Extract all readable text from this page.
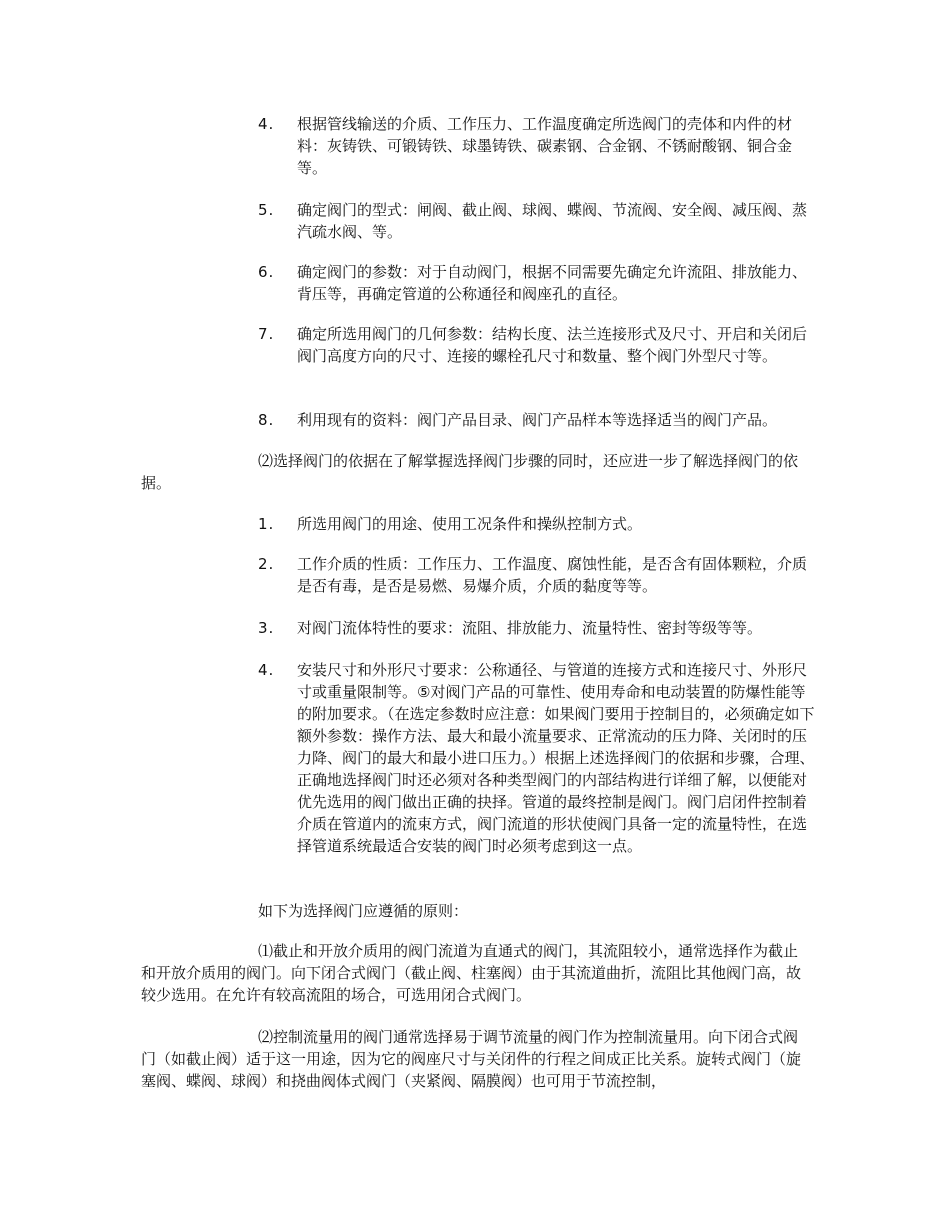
4.	根据管线输送的介质、工作压力、工作温度确定所选阀门的壳体和内件的材料：灰铸铁、可锻铸铁、球墨铸铁、碳素钢、合金钢、不锈耐酸钢、铜合金等。
5.	确定阀门的型式：闸阀、截止阀、球阀、蝶阀、节流阀、安全阀、减压阀、蒸汽疏水阀、等。
6.	确定阀门的参数：对于自动阀门，根据不同需要先确定允许流阻、排放能力、背压等，再确定管道的公称通径和阀座孔的直径。
7.	确定所选用阀门的几何参数：结构长度、法兰连接形式及尺寸、开启和关闭后阀门高度方向的尺寸、连接的螺栓孔尺寸和数量、整个阀门外型尺寸等。
8.	利用现有的资料：阀门产品目录、阀门产品样本等选择适当的阀门产品。
⑵选择阀门的依据在了解掌握选择阀门步骤的同时，还应进一步了解选择阀门的依据。
1.	所选用阀门的用途、使用工况条件和操纵控制方式。
2.	工作介质的性质：工作压力、工作温度、腐蚀性能，是否含有固体颗粒，介质是否有毒，是否是易燃、易爆介质，介质的黏度等等。
3.	对阀门流体特性的要求：流阻、排放能力、流量特性、密封等级等等。
4.	安装尺寸和外形尺寸要求：公称通径、与管道的连接方式和连接尺寸、外形尺寸或重量限制等。⑤对阀门产品的可靠性、使用寿命和电动装置的防爆性能等的附加要求。（在选定参数时应注意：如果阀门要用于控制目的，必须确定如下额外参数：操作方法、最大和最小流量要求、正常流动的压力降、关闭时的压力降、阀门的最大和最小进口压力。）根据上述选择阀门的依据和步骤，合理、正确地选择阀门时还必须对各种类型阀门的内部结构进行详细了解，以便能对优先选用的阀门做出正确的抉择。管道的最终控制是阀门。阀门启闭件控制着介质在管道内的流束方式，阀门流道的形状使阀门具备一定的流量特性，在选择管道系统最适合安装的阀门时必须考虑到这一点。
如下为选择阀门应遵循的原则：
⑴截止和开放介质用的阀门流道为直通式的阀门，其流阻较小，通常选择作为截止和开放介质用的阀门。向下闭合式阀门（截止阀、柱塞阀）由于其流道曲折，流阻比其他阀门高，故较少选用。在允许有较高流阻的场合，可选用闭合式阀门。
⑵控制流量用的阀门通常选择易于调节流量的阀门作为控制流量用。向下闭合式阀门（如截止阀）适于这一用途，因为它的阀座尺寸与关闭件的行程之间成正比关系。旋转式阀门（旋塞阀、蝶阀、球阀）和挠曲阀体式阀门（夹紧阀、隔膜阀）也可用于节流控制，
